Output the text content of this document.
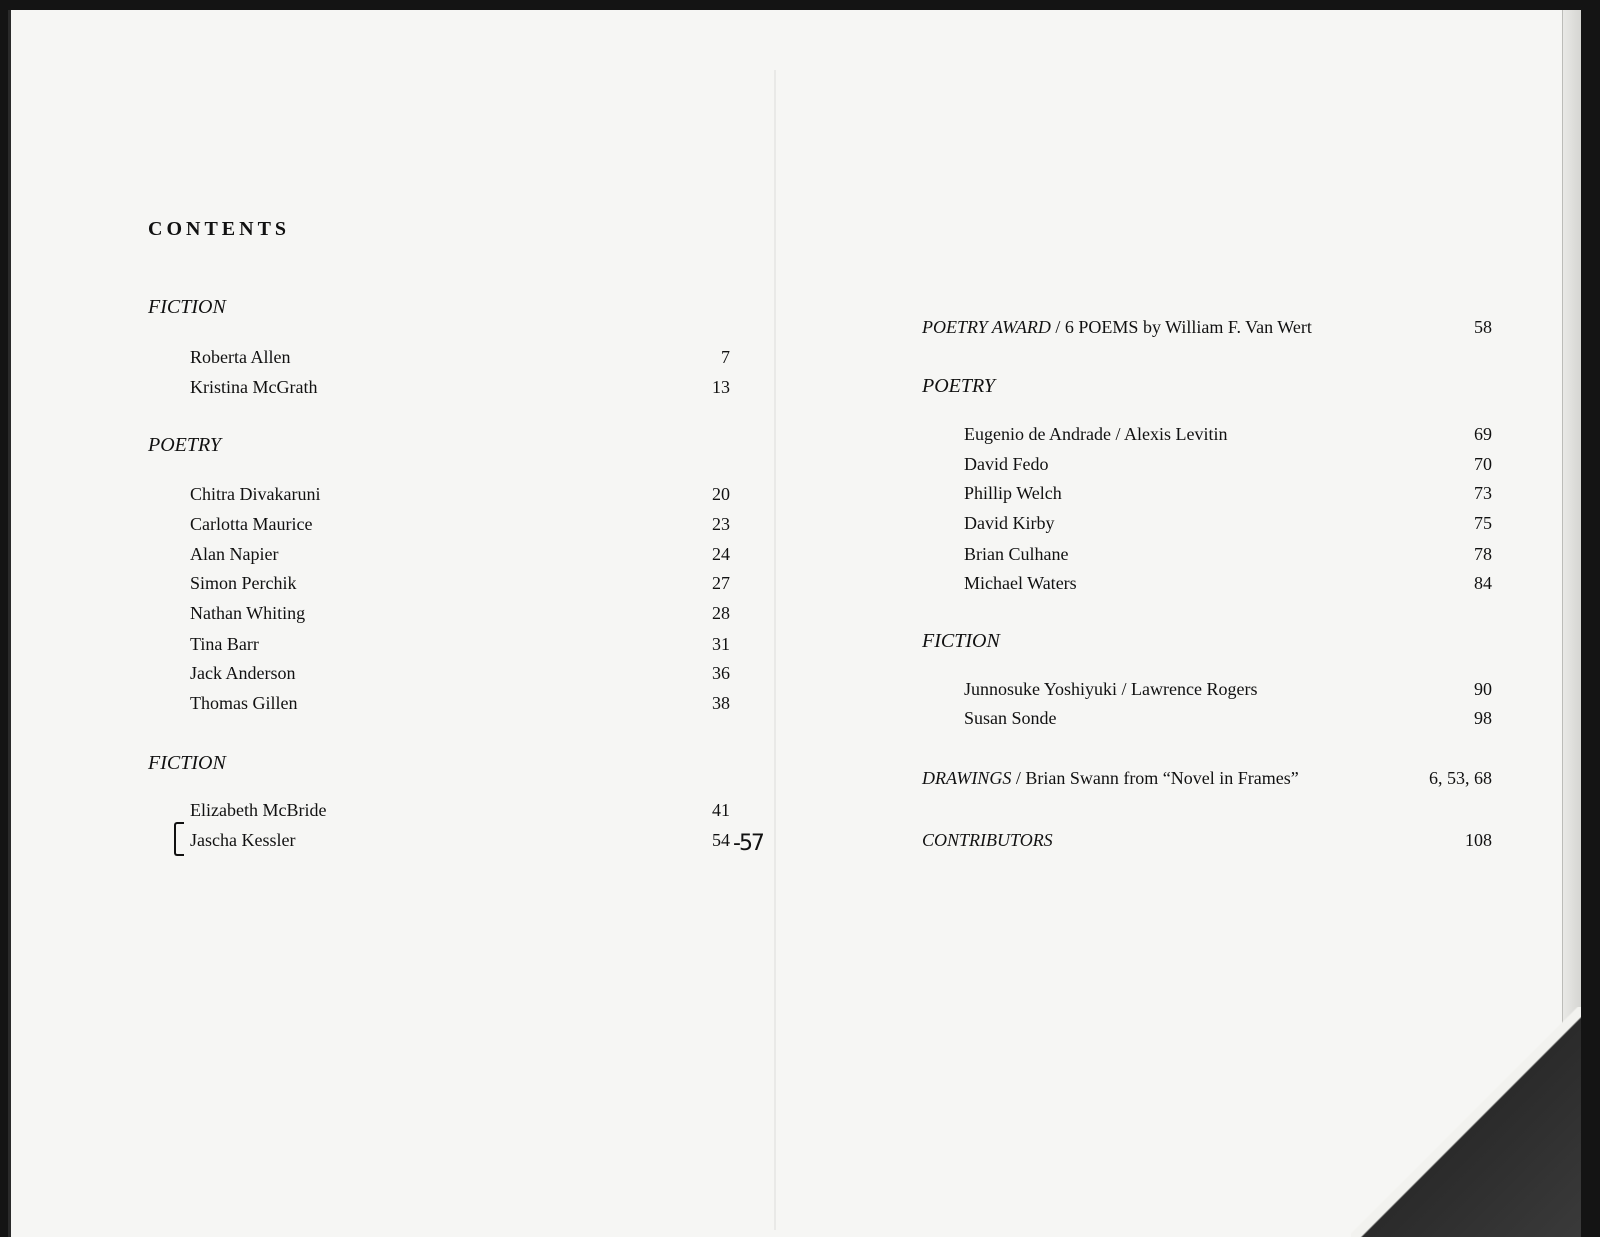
CONTENTS
FICTION
Roberta Allen	7
Kristina McGrath	13
POETRY
Chitra Divakaruni	20
Carlotta Maurice	23
Alan Napier	24
Simon Perchik	27
Nathan Whiting	28
Tina Barr	31
Jack Anderson	36
Thomas Gillen	38
FICTION
Elizabeth McBride	41
Jascha Kessler	54 -57
POETRY AWARD / 6 POEMS by William F. Van Wert	58
POETRY
Eugenio de Andrade / Alexis Levitin	69
David Fedo	70
Phillip Welch	73
David Kirby	75
Brian Culhane	78
Michael Waters	84
FICTION
Junnosuke Yoshiyuki / Lawrence Rogers	90
Susan Sonde	98
DRAWINGS / Brian Swann from “Novel in Frames”	6, 53, 68
CONTRIBUTORS	108
